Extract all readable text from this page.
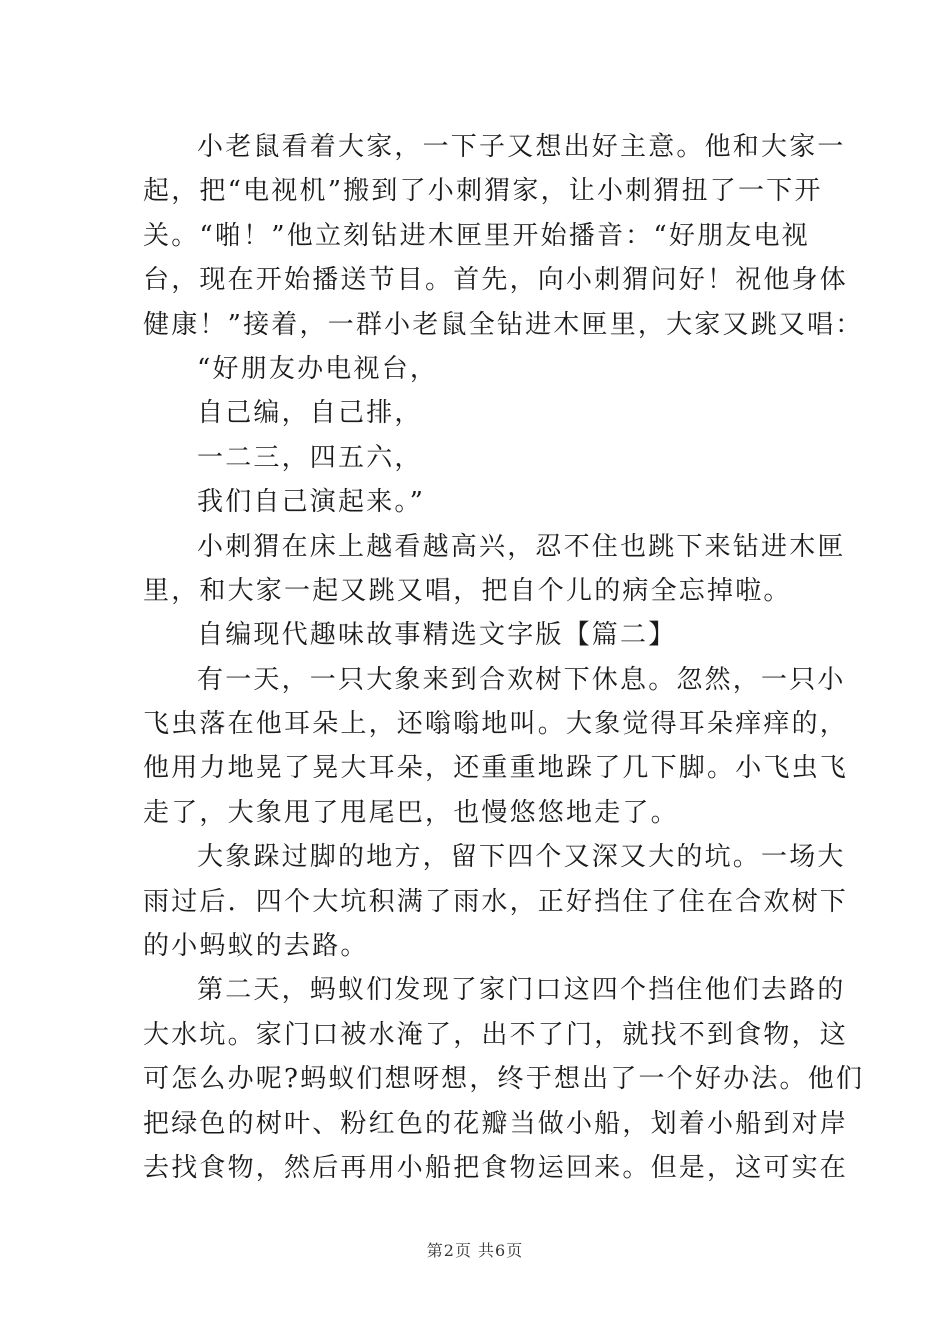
小老鼠看着大家，一下子又想出好主意。他和大家一
起，把“电视机”搬到了小刺猬家，让小刺猬扭了一下开
关。“啪！”他立刻钻进木匣里开始播音：“好朋友电视
台，现在开始播送节目。首先，向小刺猬问好！祝他身体
健康！”接着，一群小老鼠全钻进木匣里，大家又跳又唱：
“好朋友办电视台，
自己编，自己排，
一二三，四五六，
我们自己演起来。”
小刺猬在床上越看越高兴，忍不住也跳下来钻进木匣
里，和大家一起又跳又唱，把自个儿的病全忘掉啦。
自编现代趣味故事精选文字版【篇二】
有一天，一只大象来到合欢树下休息。忽然，一只小
飞虫落在他耳朵上，还嗡嗡地叫。大象觉得耳朵痒痒的，
他用力地晃了晃大耳朵，还重重地跺了几下脚。小飞虫飞
走了，大象甩了甩尾巴，也慢悠悠地走了。
大象跺过脚的地方，留下四个又深又大的坑。一场大
雨过后．四个大坑积满了雨水，正好挡住了住在合欢树下
的小蚂蚁的去路。
第二天，蚂蚁们发现了家门口这四个挡住他们去路的
大水坑。家门口被水淹了，出不了门，就找不到食物，这
可怎么办呢?蚂蚁们想呀想，终于想出了一个好办法。他们
把绿色的树叶、粉红色的花瓣当做小船，划着小船到对岸
去找食物，然后再用小船把食物运回来。但是，这可实在
第2页 共6页
